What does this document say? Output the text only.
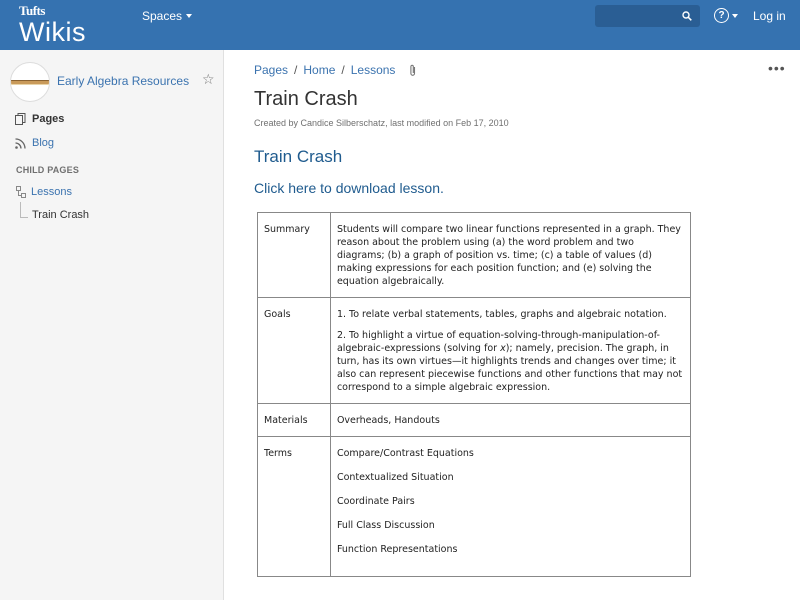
Tufts
Wikis
Spaces	?	Log in
Early Algebra Resources ☆
Pages
Blog
CHILD PAGES
Lessons
Train Crash
Pages / Home / Lessons	•••
Train Crash
Created by Candice Silberschatz, last modified on Feb 17, 2010
Train Crash
Click here to download lesson.
Summary	Students will compare two linear functions represented in a graph. They reason about the problem using (a) the word problem and two diagrams; (b) a graph of position vs. time; (c) a table of values (d) making expressions for each position function; and (e) solving the equation algebraically.
Goals	1. To relate verbal statements, tables, graphs and algebraic notation.
2. To highlight a virtue of equation-solving-through-manipulation-of-algebraic-expressions (solving for x); namely, precision. The graph, in turn, has its own virtues—it highlights trends and changes over time; it also can represent piecewise functions and other functions that may not correspond to a simple algebraic expression.

Materials	Overheads, Handouts
Terms	Compare/Contrast Equations
Contextualized Situation
Coordinate Pairs
Full Class Discussion
Function Representations
